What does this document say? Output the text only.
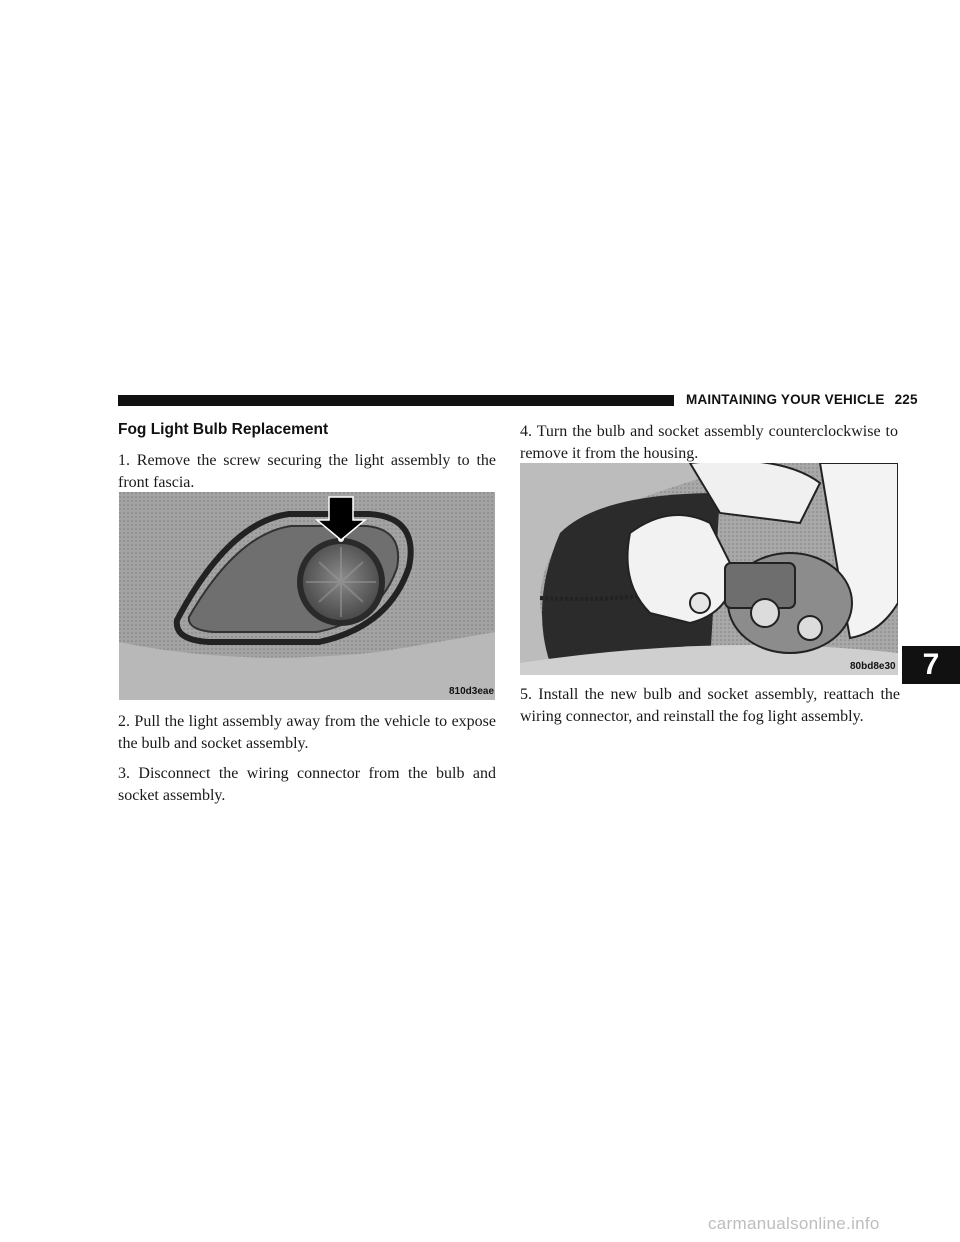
MAINTAINING YOUR VEHICLE 225
Fog Light Bulb Replacement

1. Remove the screw securing the light assembly to the front fascia.

810d3eae

2. Pull the light assembly away from the vehicle to expose the bulb and socket assembly.

3. Disconnect the wiring connector from the bulb and socket assembly.

4. Turn the bulb and socket assembly counterclockwise to remove it from the housing.

80bd8e30

5. Install the new bulb and socket assembly, reattach the wiring connector, and reinstall the fog light assembly.

7
carmanualsonline.info
